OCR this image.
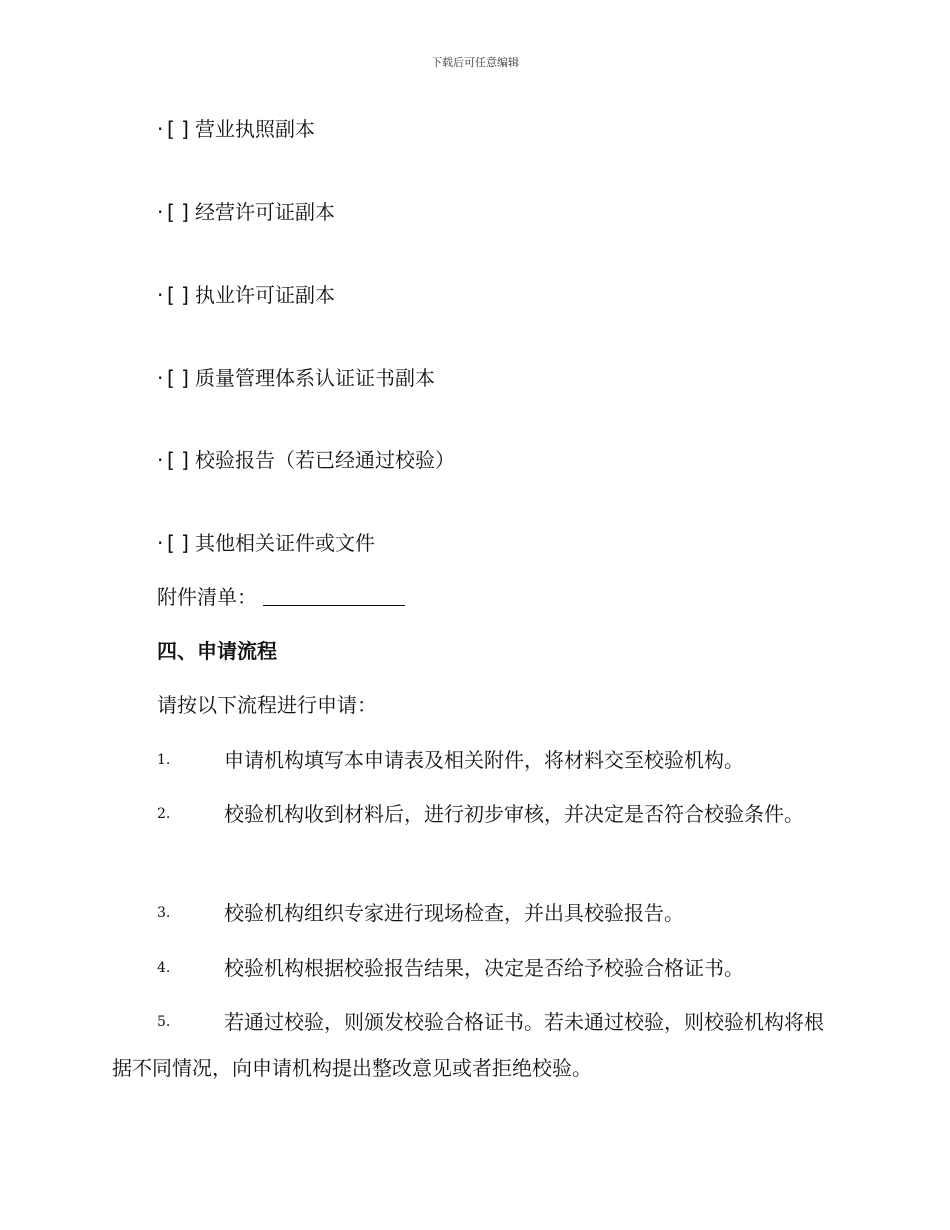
下载后可任意编辑
· [ ] 营业执照副本
· [ ] 经营许可证副本
· [ ] 执业许可证副本
· [ ] 质量管理体系认证证书副本
· [ ] 校验报告（若已经通过校验）
· [ ] 其他相关证件或文件
附件清单：
四、申请流程
请按以下流程进行申请：
1.	申请机构填写本申请表及相关附件，将材料交至校验机构。
2.	校验机构收到材料后，进行初步审核，并决定是否符合校验条件。
3.	校验机构组织专家进行现场检查，并出具校验报告。
4.	校验机构根据校验报告结果，决定是否给予校验合格证书。
5.	若通过校验，则颁发校验合格证书。若未通过校验，则校验机构将根据不同情况，向申请机构提出整改意见或者拒绝校验。
